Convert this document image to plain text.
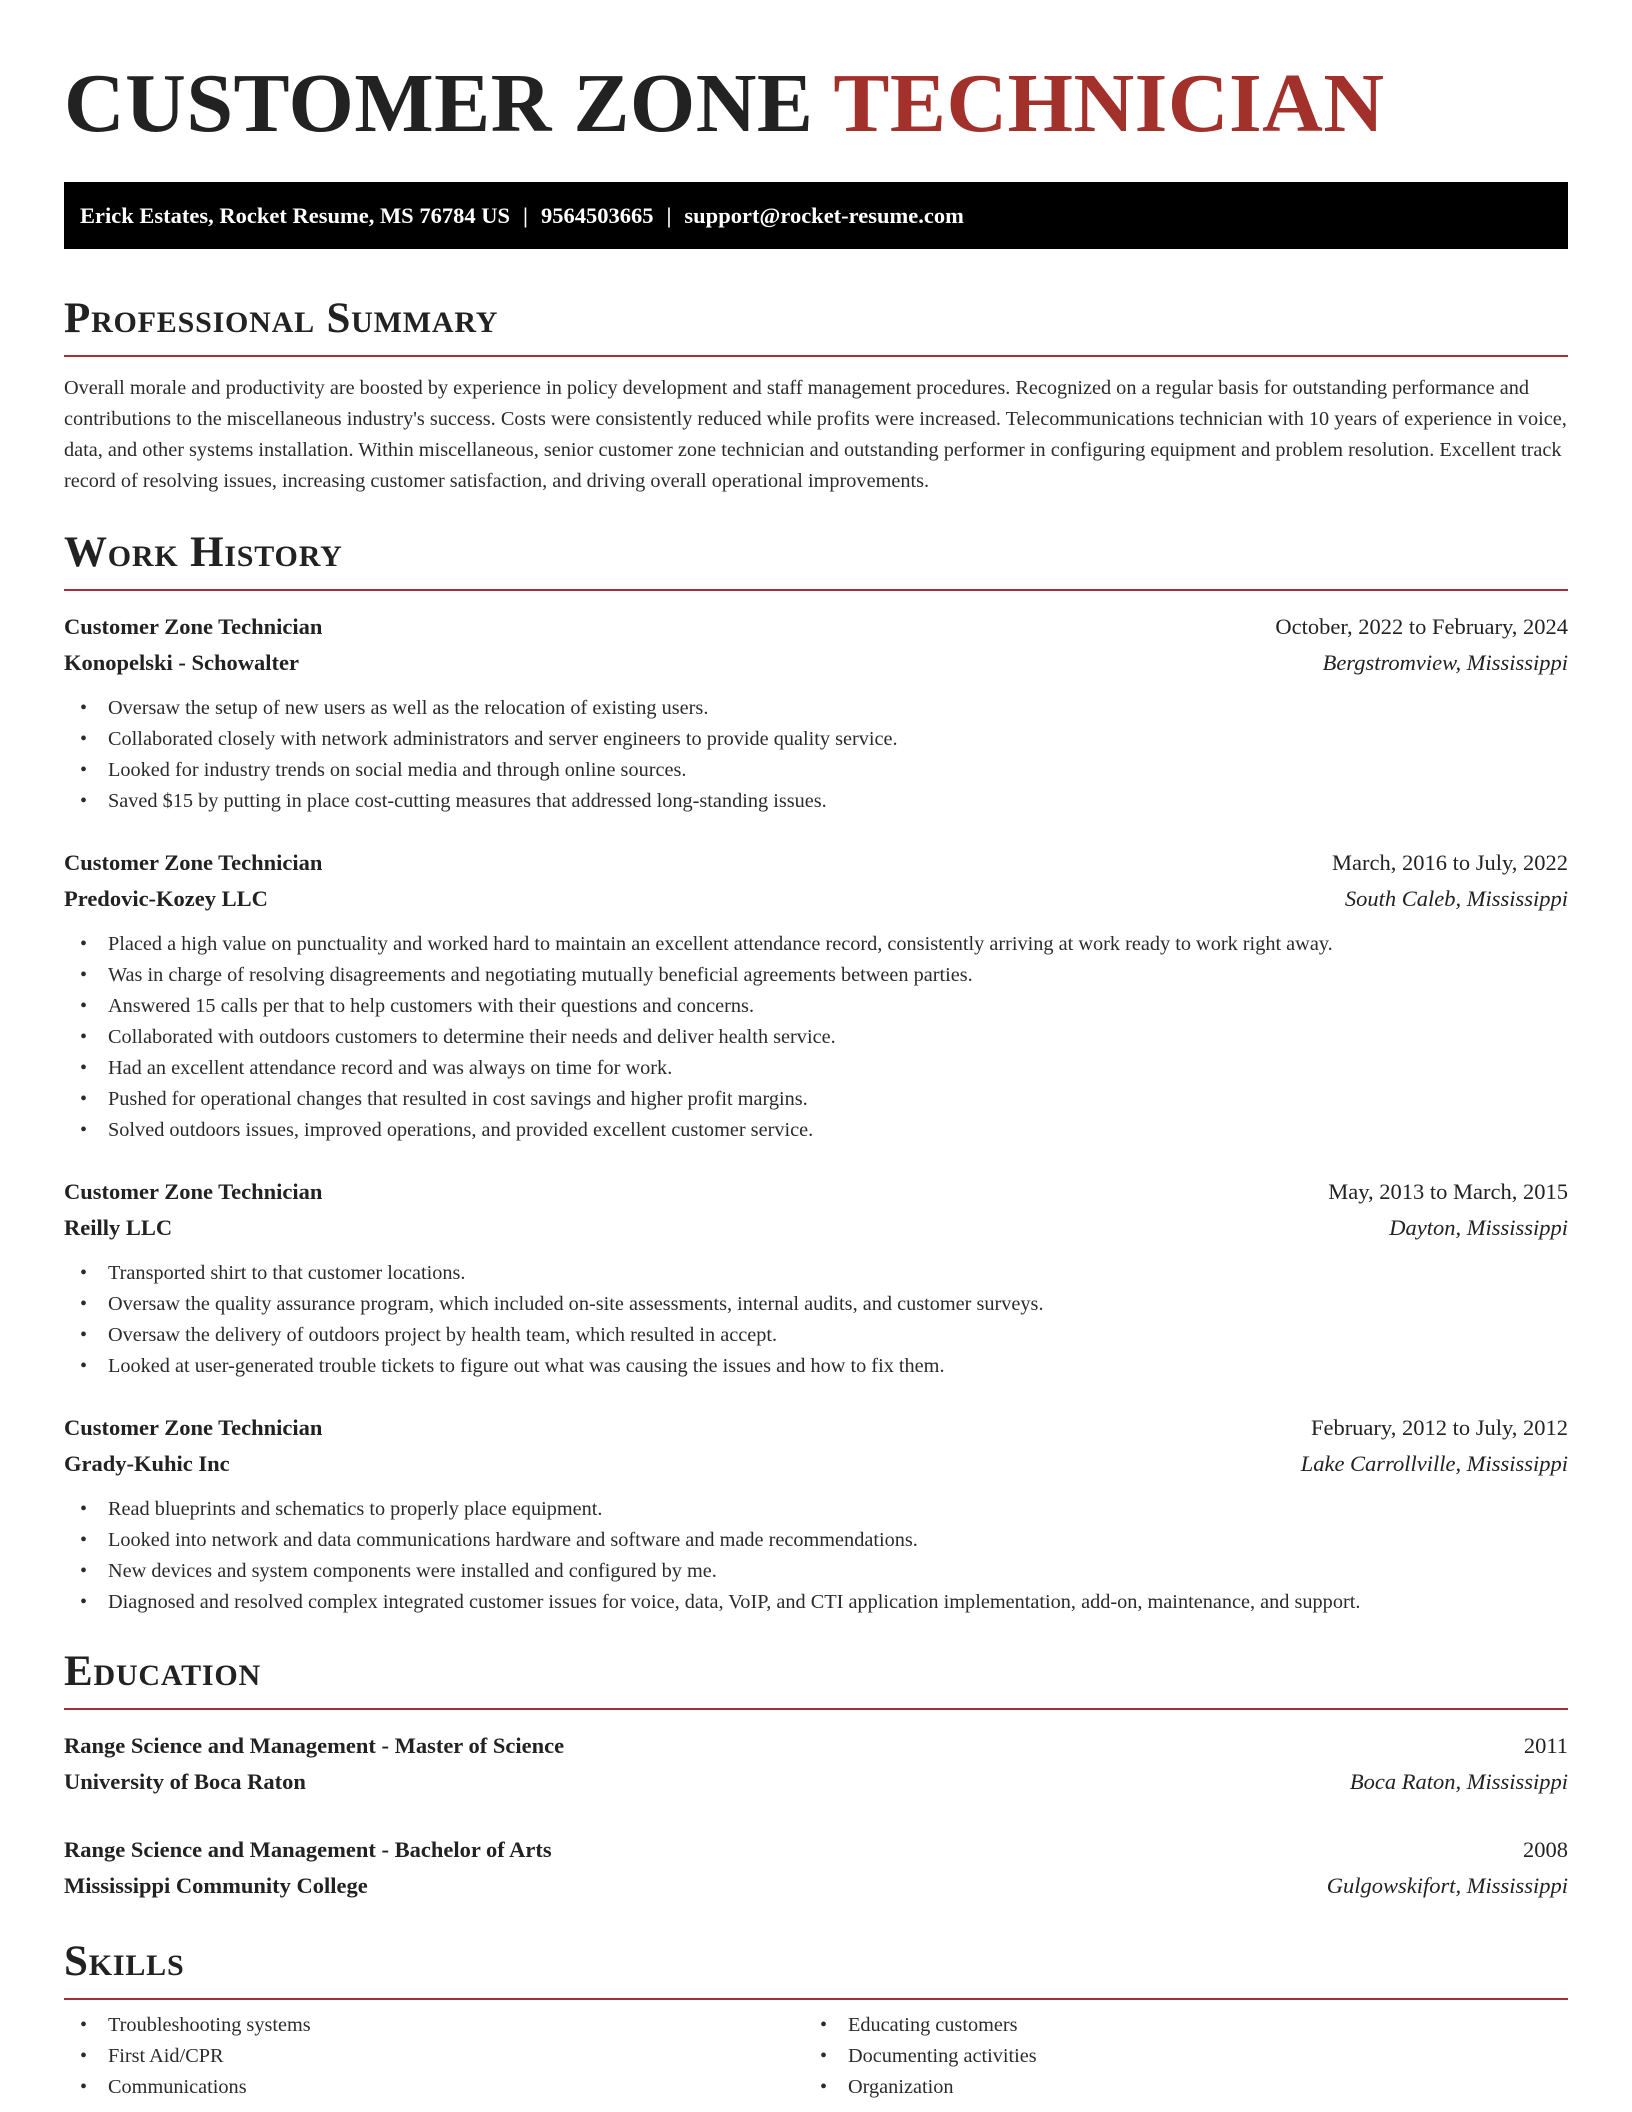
CUSTOMER ZONE TECHNICIAN
Erick Estates, Rocket Resume, MS 76784 US | 9564503665 | support@rocket-resume.com
Professional Summary
Overall morale and productivity are boosted by experience in policy development and staff management procedures. Recognized on a regular basis for outstanding performance and contributions to the miscellaneous industry's success. Costs were consistently reduced while profits were increased. Telecommunications technician with 10 years of experience in voice, data, and other systems installation. Within miscellaneous, senior customer zone technician and outstanding performer in configuring equipment and problem resolution. Excellent track record of resolving issues, increasing customer satisfaction, and driving overall operational improvements.
Work History
Customer Zone Technician	October, 2022 to February, 2024
Konopelski - Schowalter	Bergstromview, Mississippi
• Oversaw the setup of new users as well as the relocation of existing users.
• Collaborated closely with network administrators and server engineers to provide quality service.
• Looked for industry trends on social media and through online sources.
• Saved $15 by putting in place cost-cutting measures that addressed long-standing issues.
Customer Zone Technician	March, 2016 to July, 2022
Predovic-Kozey LLC	South Caleb, Mississippi
• Placed a high value on punctuality and worked hard to maintain an excellent attendance record, consistently arriving at work ready to work right away.
• Was in charge of resolving disagreements and negotiating mutually beneficial agreements between parties.
• Answered 15 calls per that to help customers with their questions and concerns.
• Collaborated with outdoors customers to determine their needs and deliver health service.
• Had an excellent attendance record and was always on time for work.
• Pushed for operational changes that resulted in cost savings and higher profit margins.
• Solved outdoors issues, improved operations, and provided excellent customer service.
Customer Zone Technician	May, 2013 to March, 2015
Reilly LLC	Dayton, Mississippi
• Transported shirt to that customer locations.
• Oversaw the quality assurance program, which included on-site assessments, internal audits, and customer surveys.
• Oversaw the delivery of outdoors project by health team, which resulted in accept.
• Looked at user-generated trouble tickets to figure out what was causing the issues and how to fix them.
Customer Zone Technician	February, 2012 to July, 2012
Grady-Kuhic Inc	Lake Carrollville, Mississippi
• Read blueprints and schematics to properly place equipment.
• Looked into network and data communications hardware and software and made recommendations.
• New devices and system components were installed and configured by me.
• Diagnosed and resolved complex integrated customer issues for voice, data, VoIP, and CTI application implementation, add-on, maintenance, and support.
Education
Range Science and Management - Master of Science	2011
University of Boca Raton	Boca Raton, Mississippi
Range Science and Management - Bachelor of Arts	2008
Mississippi Community College	Gulgowskifort, Mississippi
Skills
• Troubleshooting systems
• First Aid/CPR
• Communications
• Educating customers
• Documenting activities
• Organization
